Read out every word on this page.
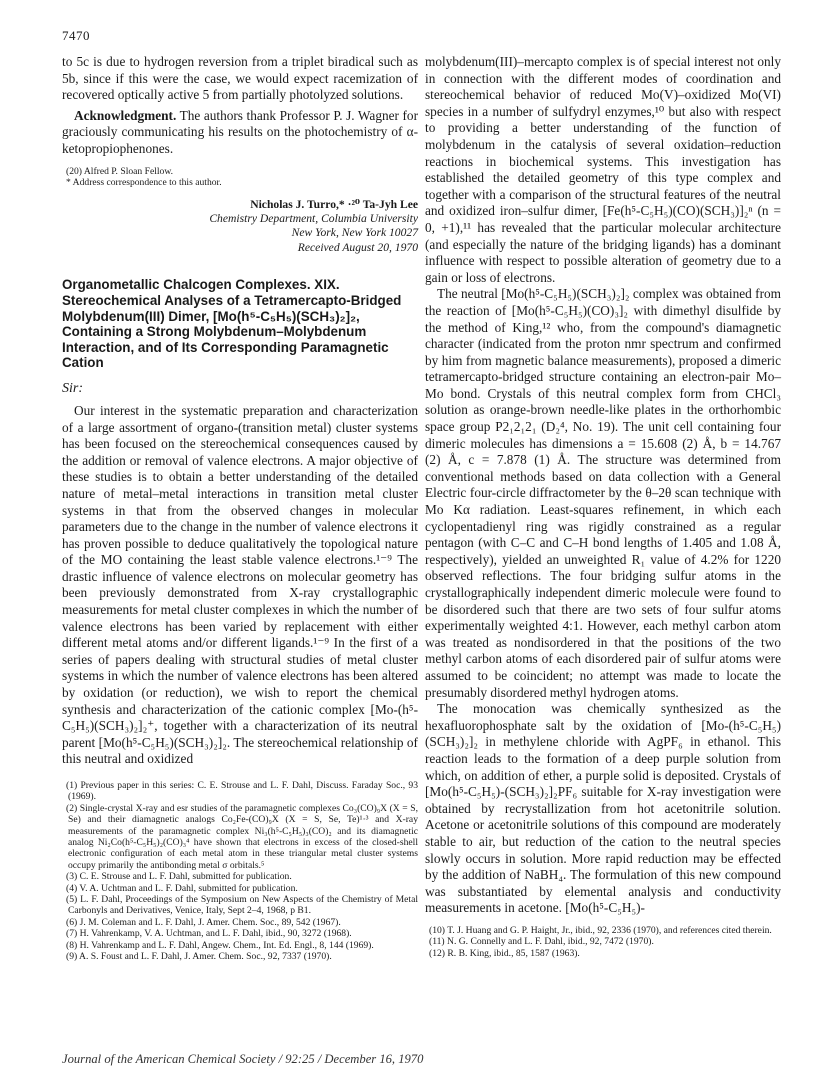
7470

to 5c is due to hydrogen reversion from a triplet biradical such as 5b, since if this were the case, we would expect racemization of recovered optically active 5 from partially photolyzed solutions.

Acknowledgment. The authors thank Professor P. J. Wagner for graciously communicating his results on the photochemistry of α-ketopropiophenones.

(20) Alfred P. Sloan Fellow.

* Address correspondence to this author.

Nicholas J. Turro,* ·²⁰ Ta-Jyh Lee
Chemistry Department, Columbia University
New York, New York 10027
Received August 20, 1970
Organometallic Chalcogen Complexes. XIX. Stereochemical Analyses of a Tetramercapto-Bridged Molybdenum(III) Dimer, [Mo(h⁵-C₅H₅)(SCH₃)₂]₂, Containing a Strong Molybdenum–Molybdenum Interaction, and of Its Corresponding Paramagnetic Cation
Sir:

Our interest in the systematic preparation and characterization of a large assortment of organo-(transition metal) cluster systems has been focused on the stereochemical consequences caused by the addition or removal of valence electrons. A major objective of these studies is to obtain a better understanding of the detailed nature of metal–metal interactions in transition metal cluster systems in that from the observed changes in molecular parameters due to the change in the number of valence electrons it has proven possible to deduce qualitatively the topological nature of the MO containing the least stable valence electrons.¹⁻⁹ The drastic influence of valence electrons on molecular geometry has been previously demonstrated from X-ray crystallographic measurements for metal cluster complexes in which the number of valence electrons has been varied by replacement with either different metal atoms and/or different ligands.¹⁻⁹ In the first of a series of papers dealing with structural studies of metal cluster systems in which the number of valence electrons has been altered by oxidation (or reduction), we wish to report the chemical synthesis and characterization of the cationic complex [Mo-(h⁵-C₅H₅)(SCH₃)₂]₂⁺, together with a characterization of its neutral parent [Mo(h⁵-C₅H₅)(SCH₃)₂]₂. The stereochemical relationship of this neutral and oxidized

(1) Previous paper in this series: C. E. Strouse and L. F. Dahl, Discuss. Faraday Soc., 93 (1969).

(2) Single-crystal X-ray and esr studies of the paramagnetic complexes Co₃(CO)₉X (X = S, Se) and their diamagnetic analogs Co₂Fe-(CO)₉X (X = S, Se, Te)¹·³ and X-ray measurements of the paramagnetic complex Ni₃(h⁵-C₅H₅)₃(CO)₂ and its diamagnetic analog Ni₂Co(h⁵-C₅H₅)₂(CO)₃⁴ have shown that electrons in excess of the closed-shell electronic configuration of each metal atom in these triangular metal cluster systems occupy primarily the antibonding metal σ orbitals.⁵

(3) C. E. Strouse and L. F. Dahl, submitted for publication.

(4) V. A. Uchtman and L. F. Dahl, submitted for publication.

(5) L. F. Dahl, Proceedings of the Symposium on New Aspects of the Chemistry of Metal Carbonyls and Derivatives, Venice, Italy, Sept 2–4, 1968, p B1.

(6) J. M. Coleman and L. F. Dahl, J. Amer. Chem. Soc., 89, 542 (1967).

(7) H. Vahrenkamp, V. A. Uchtman, and L. F. Dahl, ibid., 90, 3272 (1968).

(8) H. Vahrenkamp and L. F. Dahl, Angew. Chem., Int. Ed. Engl., 8, 144 (1969).

(9) A. S. Foust and L. F. Dahl, J. Amer. Chem. Soc., 92, 7337 (1970).

molybdenum(III)–mercapto complex is of special interest not only in connection with the different modes of coordination and stereochemical behavior of reduced Mo(V)–oxidized Mo(VI) species in a number of sulfydryl enzymes,¹⁰ but also with respect to providing a better understanding of the function of molybdenum in the catalysis of several oxidation–reduction reactions in biochemical systems. This investigation has established the detailed geometry of this type complex and together with a comparison of the structural features of the neutral and oxidized iron–sulfur dimer, [Fe(h⁵-C₅H₅)(CO)(SCH₃)]₂ⁿ (n = 0, +1),¹¹ has revealed that the particular molecular architecture (and especially the nature of the bridging ligands) has a dominant influence with respect to possible alteration of geometry due to a gain or loss of electrons.

The neutral [Mo(h⁵-C₅H₅)(SCH₃)₂]₂ complex was obtained from the reaction of [Mo(h⁵-C₅H₅)(CO)₃]₂ with dimethyl disulfide by the method of King,¹² who, from the compound's diamagnetic character (indicated from the proton nmr spectrum and confirmed by him from magnetic balance measurements), proposed a dimeric tetramercapto-bridged structure containing an electron-pair Mo–Mo bond. Crystals of this neutral complex form from CHCl₃ solution as orange-brown needle-like plates in the orthorhombic space group P2₁2₁2₁ (D₂⁴, No. 19). The unit cell containing four dimeric molecules has dimensions a = 15.608 (2) Å, b = 14.767 (2) Å, c = 7.878 (1) Å. The structure was determined from conventional methods based on data collection with a General Electric four-circle diffractometer by the θ–2θ scan technique with Mo Kα radiation. Least-squares refinement, in which each cyclopentadienyl ring was rigidly constrained as a regular pentagon (with C–C and C–H bond lengths of 1.405 and 1.08 Å, respectively), yielded an unweighted R₁ value of 4.2% for 1220 observed reflections. The four bridging sulfur atoms in the crystallographically independent dimeric molecule were found to be disordered such that there are two sets of four sulfur atoms experimentally weighted 4:1. However, each methyl carbon atom was treated as nondisordered in that the positions of the two methyl carbon atoms of each disordered pair of sulfur atoms were assumed to be coincident; no attempt was made to locate the presumably disordered methyl hydrogen atoms.

The monocation was chemically synthesized as the hexafluorophosphate salt by the oxidation of [Mo-(h⁵-C₅H₅)(SCH₃)₂]₂ in methylene chloride with AgPF₆ in ethanol. This reaction leads to the formation of a deep purple solution from which, on addition of ether, a purple solid is deposited. Crystals of [Mo(h⁵-C₅H₅)-(SCH₃)₂]₂PF₆ suitable for X-ray investigation were obtained by recrystallization from hot acetonitrile solution. Acetone or acetonitrile solutions of this compound are moderately stable to air, but reduction of the cation to the neutral species slowly occurs in solution. More rapid reduction may be effected by the addition of NaBH₄. The formulation of this new compound was substantiated by elemental analysis and conductivity measurements in acetone. [Mo(h⁵-C₅H₅)-

(10) T. J. Huang and G. P. Haight, Jr., ibid., 92, 2336 (1970), and references cited therein.

(11) N. G. Connelly and L. F. Dahl, ibid., 92, 7472 (1970).

(12) R. B. King, ibid., 85, 1587 (1963).

Journal of the American Chemical Society / 92:25 / December 16, 1970
